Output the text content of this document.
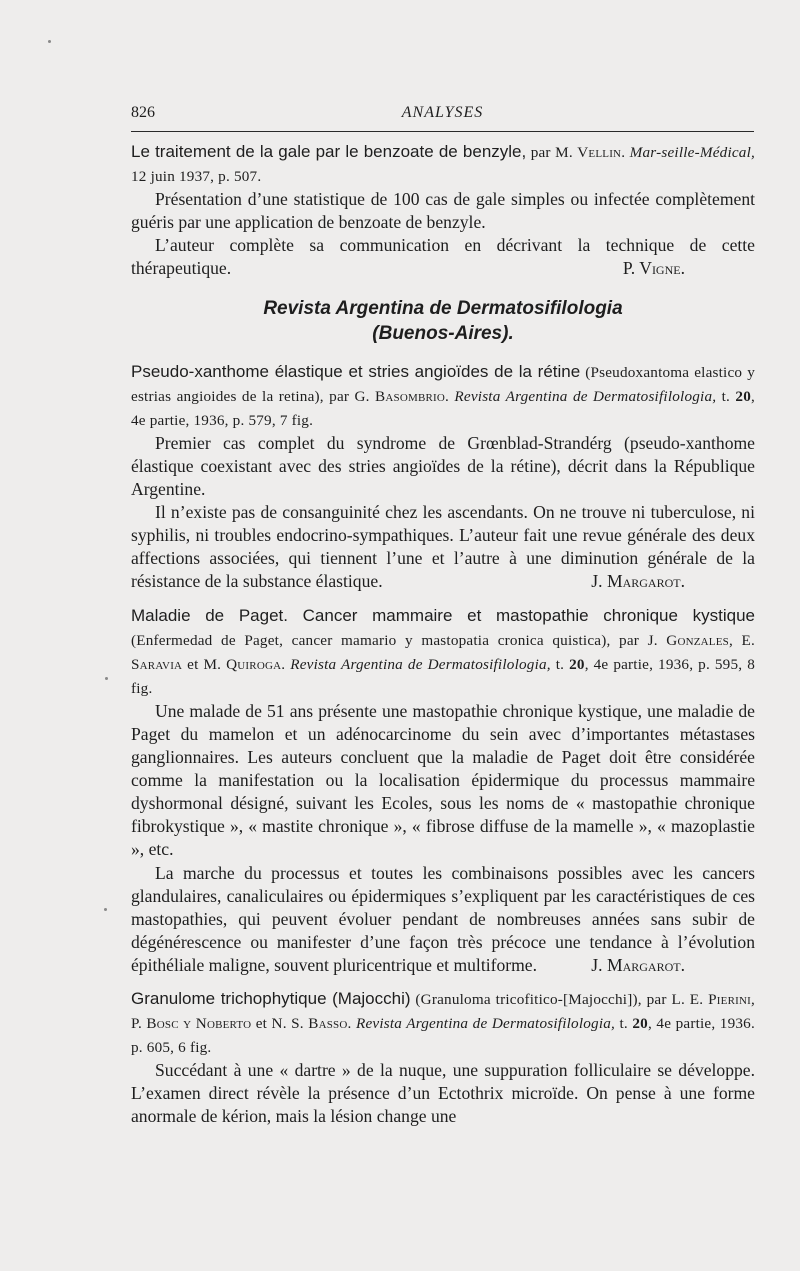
826	ANALYSES

Le traitement de la gale par le benzoate de benzyle, par M. Vellin. Mar-seille-Médical, 12 juin 1937, p. 507.

Présentation d’une statistique de 100 cas de gale simples ou infectée complètement guéris par une application de benzoate de benzyle.

L’auteur complète sa communication en décrivant la technique de cette thérapeutique.	P. Vigne.

Revista Argentina de Dermatosifilologia
(Buenos-Aires).

Pseudo-xanthome élastique et stries angioïdes de la rétine (Pseudoxantoma elastico y estrias angioides de la retina), par G. Basombrio. Revista Argentina de Dermatosifilologia, t. 20, 4e partie, 1936, p. 579, 7 fig.

Premier cas complet du syndrome de Grœnblad-Strandérg (pseudo-xanthome élastique coexistant avec des stries angioïdes de la rétine), décrit dans la République Argentine.

Il n’existe pas de consanguinité chez les ascendants. On ne trouve ni tuberculose, ni syphilis, ni troubles endocrino-sympathiques. L’auteur fait une revue générale des deux affections associées, qui tiennent l’une et l’autre à une diminution générale de la résistance de la substance élastique.	J. Margarot.

Maladie de Paget. Cancer mammaire et mastopathie chronique kystique (Enfermedad de Paget, cancer mamario y mastopatia cronica quistica), par J. Gonzales, E. Saravia et M. Quiroga. Revista Argentina de Dermatosifilologia, t. 20, 4e partie, 1936, p. 595, 8 fig.

Une malade de 51 ans présente une mastopathie chronique kystique, une maladie de Paget du mamelon et un adénocarcinome du sein avec d’importantes métastases ganglionnaires. Les auteurs concluent que la maladie de Paget doit être considérée comme la manifestation ou la localisation épidermique du processus mammaire dyshormonal désigné, suivant les Ecoles, sous les noms de « mastopathie chronique fibrokystique », « mastite chronique », « fibrose diffuse de la mamelle », « mazoplastie », etc.

La marche du processus et toutes les combinaisons possibles avec les cancers glandulaires, canaliculaires ou épidermiques s’expliquent par les caractéristiques de ces mastopathies, qui peuvent évoluer pendant de nombreuses années sans subir de dégénérescence ou manifester d’une façon très précoce une tendance à l’évolution épithéliale maligne, souvent pluricentrique et multiforme.	J. Margarot.

Granulome trichophytique (Majocchi) (Granuloma tricofitico-[Majocchi]), par L. E. Pierini, P. Bosc y Noberto et N. S. Basso. Revista Argentina de Dermatosifilologia, t. 20, 4e partie, 1936. p. 605, 6 fig.

Succédant à une « dartre » de la nuque, une suppuration folliculaire se développe. L’examen direct révèle la présence d’un Ectothrix microïde. On pense à une forme anormale de kérion, mais la lésion change une
